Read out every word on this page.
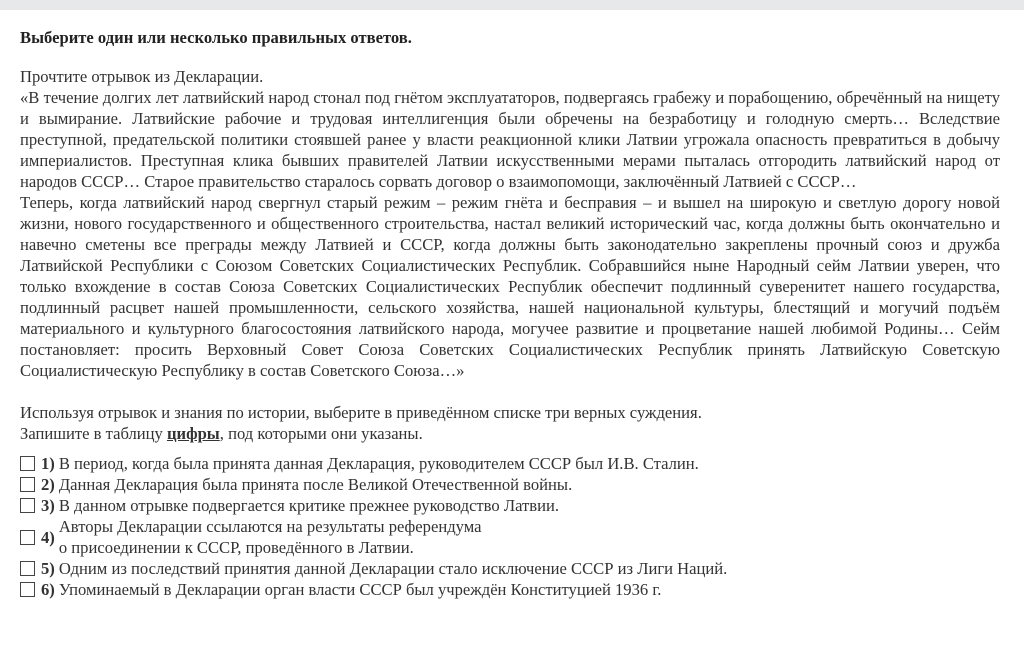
Выберите один или несколько правильных ответов.

Прочтите отрывок из Декларации.

«В течение долгих лет латвийский народ стонал под гнётом эксплуататоров, подвергаясь грабежу и порабощению, обречённый на нищету и вымирание. Латвийские рабочие и трудовая интеллигенция были обречены на безработицу и голодную смерть… Вследствие преступной, предательской политики стоявшей ранее у власти реакционной клики Латвии угрожала опасность превратиться в добычу империалистов. Преступная клика бывших правителей Латвии искусственными мерами пыталась отгородить латвийский народ от народов СССР… Старое правительство старалось сорвать договор о взаимопомощи, заключённый Латвией с СССР…

Теперь, когда латвийский народ свергнул старый режим – режим гнёта и бесправия – и вышел на широкую и светлую дорогу новой жизни, нового государственного и общественного строительства, настал великий исторический час, когда должны быть окончательно и навечно сметены все преграды между Латвией и СССР, когда должны быть законодательно закреплены прочный союз и дружба Латвийской Республики с Союзом Советских Социалистических Республик. Собравшийся ныне Народный сейм Латвии уверен, что только вхождение в состав Союза Советских Социалистических Республик обеспечит подлинный суверенитет нашего государства, подлинный расцвет нашей промышленности, сельского хозяйства, нашей национальной культуры, блестящий и могучий подъём материального и культурного благосостояния латвийского народа, могучее развитие и процветание нашей любимой Родины… Сейм постановляет: просить Верховный Совет Союза Советских Социалистических Республик принять Латвийскую Советскую Социалистическую Республику в состав Советского Союза…»

Используя отрывок и знания по истории, выберите в приведённом списке три верных суждения.

Запишите в таблицу цифры, под которыми они указаны.

1) В период, когда была принята данная Декларация, руководителем СССР был И.В. Сталин.
2) Данная Декларация была принята после Великой Отечественной войны.
3) В данном отрывке подвергается критике прежнее руководство Латвии.
4)
Авторы Декларации ссылаются на результаты референдума
о присоединении к СССР, проведённого в Латвии.
5) Одним из последствий принятия данной Декларации стало исключение СССР из Лиги Наций.
6) Упоминаемый в Декларации орган власти СССР был учреждён Конституцией 1936 г.
